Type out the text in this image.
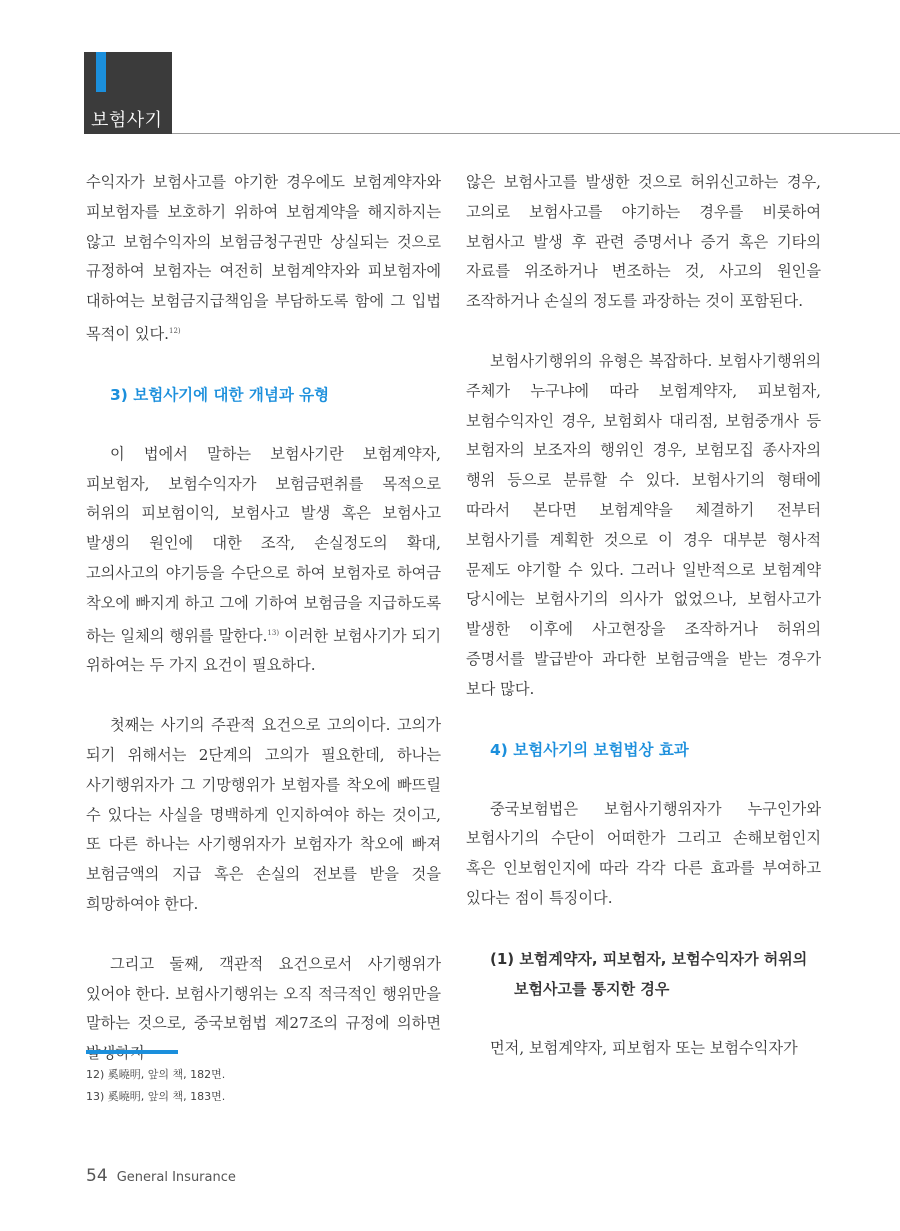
보험사기

수익자가 보험사고를 야기한 경우에도 보험계약자와 피보험자를 보호하기 위하여 보험계약을 해지하지는 않고 보험수익자의 보험금청구권만 상실되는 것으로 규정하여 보험자는 여전히 보험계약자와 피보험자에 대하여는 보험금지급책임을 부담하도록 함에 그 입법 목적이 있다.$^{12)}$

3) 보험사기에 대한 개념과 유형

이 법에서 말하는 보험사기란 보험계약자, 피보험자, 보험수익자가 보험금편취를 목적으로 허위의 피보험이익, 보험사고 발생 혹은 보험사고 발생의 원인에 대한 조작, 손실정도의 확대, 고의사고의 야기등을 수단으로 하여 보험자로 하여금 착오에 빠지게 하고 그에 기하여 보험금을 지급하도록 하는 일체의 행위를 말한다.$^{13)}$ 이러한 보험사기가 되기 위하여는 두 가지 요건이 필요하다.

첫째는 사기의 주관적 요건으로 고의이다. 고의가 되기 위해서는 2단계의 고의가 필요한데, 하나는 사기행위자가 그 기망행위가 보험자를 착오에 빠뜨릴 수 있다는 사실을 명백하게 인지하여야 하는 것이고, 또 다른 하나는 사기행위자가 보험자가 착오에 빠져 보험금액의 지급 혹은 손실의 전보를 받을 것을 희망하여야 한다.

그리고 둘째, 객관적 요건으로서 사기행위가 있어야 한다. 보험사기행위는 오직 적극적인 행위만을 말하는 것으로, 중국보험법 제27조의 규정에 의하면

않은 보험사고를 발생한 것으로 허위신고하는 경우, 고의로 보험사고를 야기하는 경우를 비롯하여 보험사고 발생 후 관련 증명서나 증거 혹은 기타의 자료를 위조하거나 변조하는 것, 사고의 원인을 조작하거나 손실의 정도를 과장하는 것이 포함된다.

보험사기행위의 유형은 복잡하다. 보험사기행위의 주체가 누구냐에 따라 보험계약자, 피보험자, 보험수익자인 경우, 보험회사 대리점, 보험중개사 등 보험자의 보조자의 행위인 경우, 보험모집 종사자의 행위 등으로 분류할 수 있다. 보험사기의 형태에 따라서 본다면 보험계약을 체결하기 전부터 보험사기를 계획한 것으로 이 경우 대부분 형사적 문제도 야기할 수 있다. 그러나 일반적으로 보험계약 당시에는 보험사기의 의사가 없었으나, 보험사고가 발생한 이후에 사고현장을 조작하거나 허위의 증명서를 발급받아 과다한 보험금액을 받는 경우가 보다 많다.

4) 보험사기의 보험법상 효과

중국보험법은 보험사기행위자가 누구인가와 보험사기의 수단이 어떠한가 그리고 손해보험인지 혹은 인보험인지에 따라 각각 다른 효과를 부여하고 있다는 점이 특징이다.

(1) 보험계약자, 피보험자, 보험수익자가 허위의
보험사고를 통지한 경우

먼저, 보험계약자, 피보험자 또는 보험수익자가

12) 奚曉明, 앞의 책, 182면.
13) 奚曉明, 앞의 책, 183면.
54 General Insurance
